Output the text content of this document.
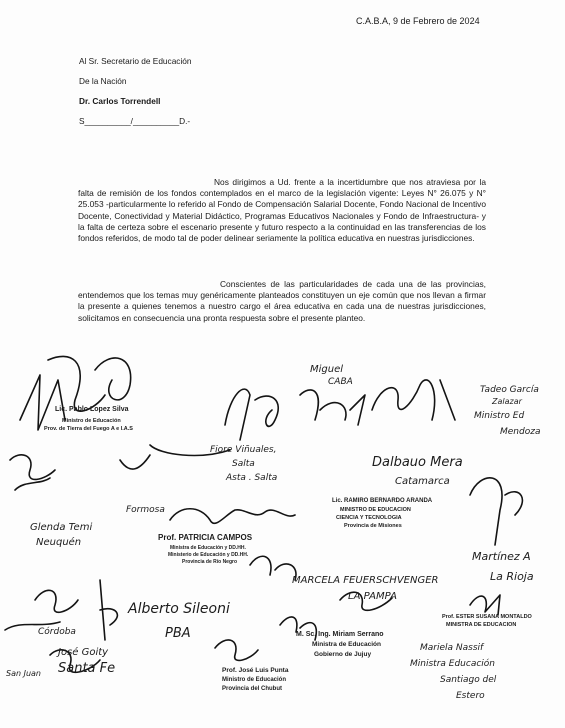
C.A.B.A, 9 de Febrero de 2024
Al Sr. Secretario de Educación
De la Nación
Dr. Carlos Torrendell
S__________/__________D.-
Nos dirigimos a Ud. frente a la incertidumbre que nos atraviesa por la falta de remisión de los fondos contemplados en el marco de la legislación vigente: Leyes N° 26.075 y N° 25.053 -particularmente lo referido al Fondo de Compensación Salarial Docente, Fondo Nacional de Incentivo Docente, Conectividad y Material Didáctico, Programas Educativos Nacionales y Fondo de Infraestructura- y la falta de certeza sobre el escenario presente y futuro respecto a la continuidad en las transferencias de los fondos referidos, de modo tal de poder delinear seriamente la política educativa en nuestras jurisdicciones.
Conscientes de las particularidades de cada una de las provincias, entendemos que los temas muy genéricamente planteados constituyen un eje común que nos llevan a firmar la presente a quienes tenemos a nuestro cargo el área educativa en cada una de nuestras jurisdicciones, solicitamos en consecuencia una pronta respuesta sobre el presente planteo.
Miguel
CABA
Lic. Pablo Lopez Silva
Ministro de Educación
Prov. de Tierra del Fuego A e I.A.S
Fiore Viñuales,
Salta
Asta . Salta
Dalbauo Mera
Catamarca
Tadeo García
Zalazar
Ministro Ed
Mendoza
Formosa
Lic. RAMIRO BERNARDO ARANDA
MINISTRO DE EDUCACION
CIENCIA Y TECNOLOGIA
Provincia de Misiones
Glenda Temi
Neuquén	Prof. PATRICIA CAMPOS
Ministra de Educación y DD.HH.
Ministerio de Educación y DD.HH.
Provincia de Río Negro	Martínez A
La Rioja
MARCELA FEUERSCHVENGER
LA PAMPA
Alberto Sileoni
PBA	M. Sc. Ing. Miriam Serrano
Ministra de Educación
Gobierno de Jujuy
Prof. José Luis Punta
Ministro de Educación
Provincia del Chubut
José Goity
Santa Fe
Córdoba
San Juan
Prof. ESTER SUSANA MONTALDO
MINISTRA DE EDUCACION
Mariela Nassif
Ministra Educación
Santiago del
Estero
